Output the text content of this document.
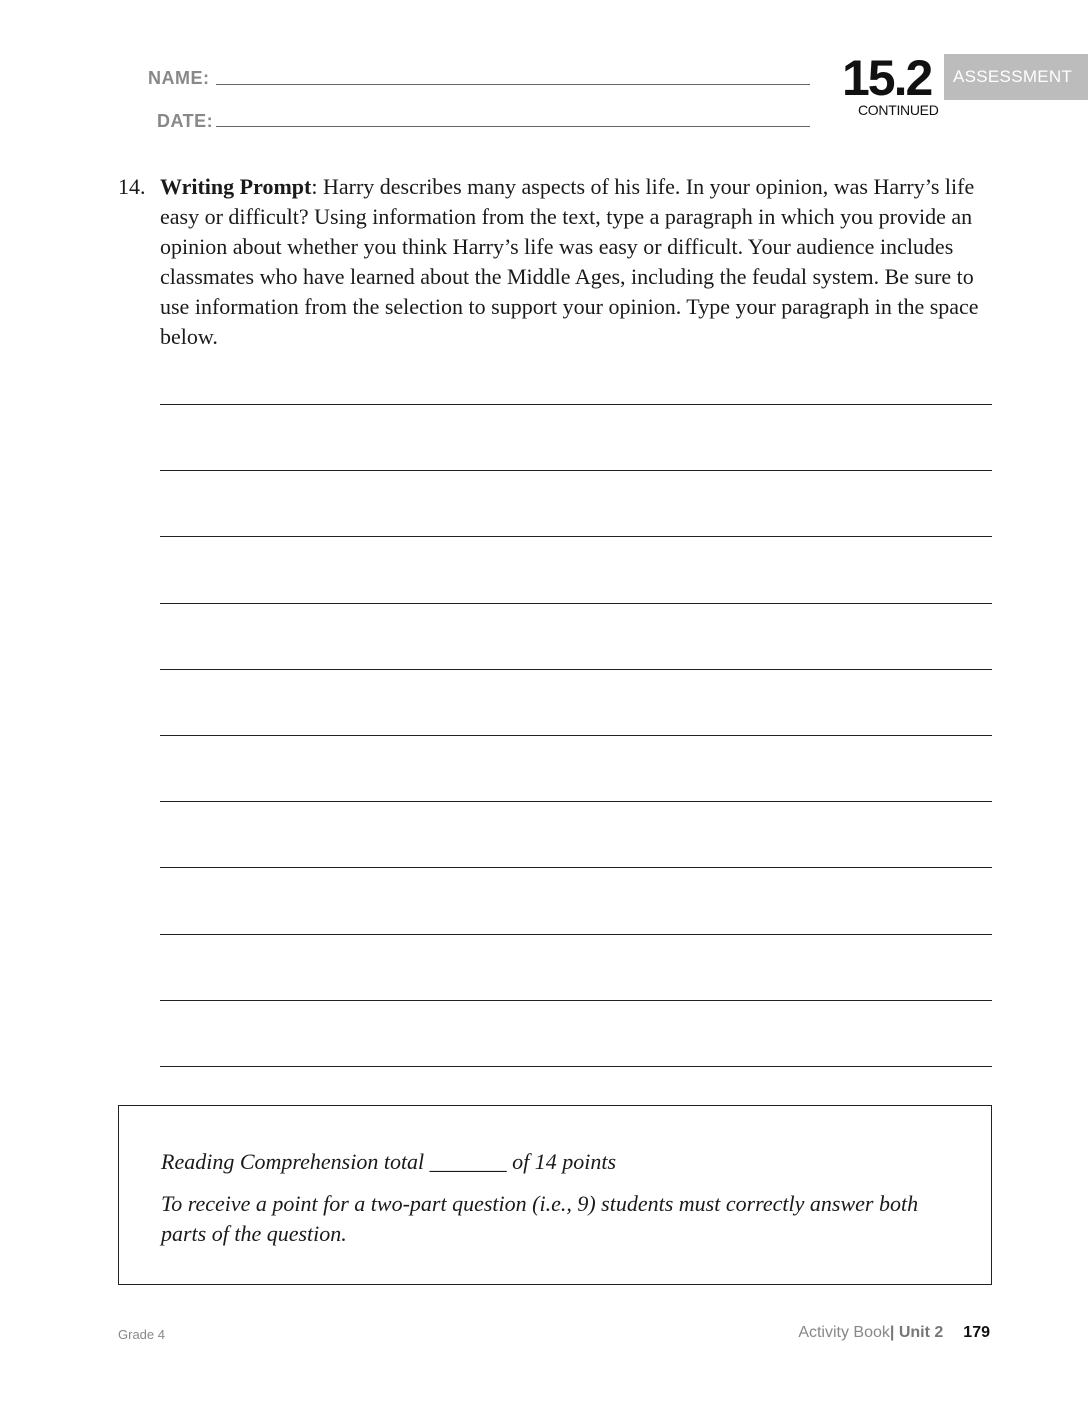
NAME:
DATE:
15.2
CONTINUED
ASSESSMENT
14. Writing Prompt: Harry describes many aspects of his life. In your opinion, was Harry’s life easy or difficult? Using information from the text, type a paragraph in which you provide an opinion about whether you think Harry’s life was easy or difficult. Your audience includes classmates who have learned about the Middle Ages, including the feudal system. Be sure to use information from the selection to support your opinion. Type your paragraph in the space below.
Reading Comprehension total _______ of 14 points
To receive a point for a two-part question (i.e., 9) students must correctly answer both parts of the question.
Grade 4	Activity Book| Unit 2 179
